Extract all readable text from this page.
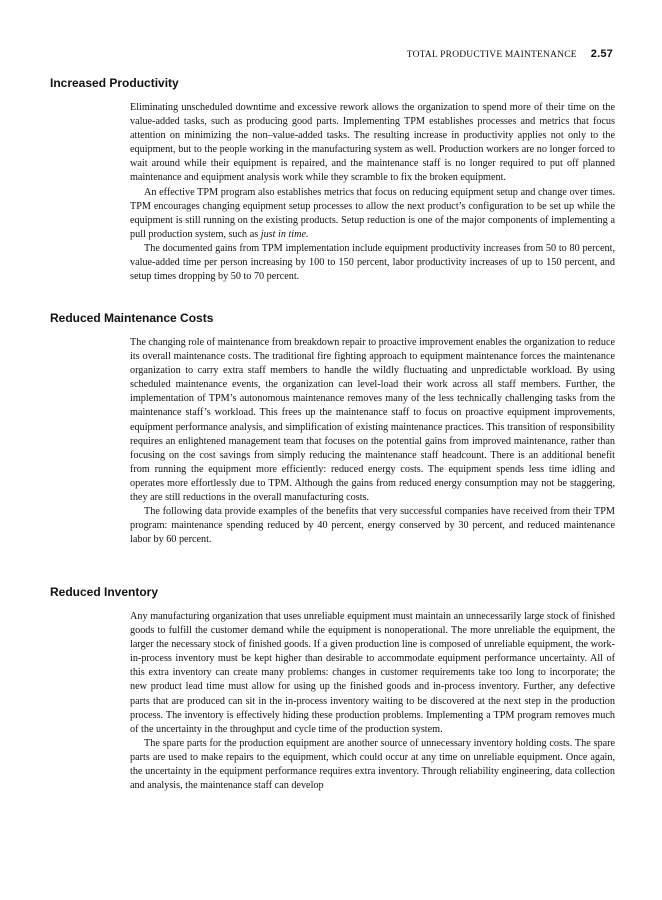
TOTAL PRODUCTIVE MAINTENANCE 2.57
Increased Productivity

Eliminating unscheduled downtime and excessive rework allows the organization to spend more of their time on the value-added tasks, such as producing good parts. Implementing TPM establishes processes and metrics that focus attention on minimizing the non–value-added tasks. The resulting increase in productivity applies not only to the equipment, but to the people working in the manufacturing system as well. Production workers are no longer forced to wait around while their equipment is repaired, and the maintenance staff is no longer required to put off planned maintenance and equipment analysis work while they scramble to fix the broken equipment.

An effective TPM program also establishes metrics that focus on reducing equipment setup and change over times. TPM encourages changing equipment setup processes to allow the next product’s configuration to be set up while the equipment is still running on the existing products. Setup reduction is one of the major components of implementing a pull production system, such as just in time.

The documented gains from TPM implementation include equipment productivity increases from 50 to 80 percent, value-added time per person increasing by 100 to 150 percent, labor productivity increases of up to 150 percent, and setup times dropping by 50 to 70 percent.

Reduced Maintenance Costs

The changing role of maintenance from breakdown repair to proactive improvement enables the organization to reduce its overall maintenance costs. The traditional fire fighting approach to equipment maintenance forces the maintenance organization to carry extra staff members to handle the wildly fluctuating and unpredictable workload. By using scheduled maintenance events, the organization can level-load their work across all staff members. Further, the implementation of TPM’s autonomous maintenance removes many of the less technically challenging tasks from the maintenance staff’s workload. This frees up the maintenance staff to focus on proactive equipment improvements, equipment performance analysis, and simplification of existing maintenance practices. This transition of responsibility requires an enlightened management team that focuses on the potential gains from improved maintenance, rather than focusing on the cost savings from simply reducing the maintenance staff headcount. There is an additional benefit from running the equipment more efficiently: reduced energy costs. The equipment spends less time idling and operates more effortlessly due to TPM. Although the gains from reduced energy consumption may not be staggering, they are still reductions in the overall manufacturing costs.

The following data provide examples of the benefits that very successful companies have received from their TPM program: maintenance spending reduced by 40 percent, energy conserved by 30 percent, and reduced maintenance labor by 60 percent.

Reduced Inventory

Any manufacturing organization that uses unreliable equipment must maintain an unnecessarily large stock of finished goods to fulfill the customer demand while the equipment is nonoperational. The more unreliable the equipment, the larger the necessary stock of finished goods. If a given production line is composed of unreliable equipment, the work-in-process inventory must be kept higher than desirable to accommodate equipment performance uncertainty. All of this extra inventory can create many problems: changes in customer requirements take too long to incorporate; the new product lead time must allow for using up the finished goods and in-process inventory. Further, any defective parts that are produced can sit in the in-process inventory waiting to be discovered at the next step in the production process. The inventory is effectively hiding these production problems. Implementing a TPM program removes much of the uncertainty in the throughput and cycle time of the production system.

The spare parts for the production equipment are another source of unnecessary inventory holding costs. The spare parts are used to make repairs to the equipment, which could occur at any time on unreliable equipment. Once again, the uncertainty in the equipment performance requires extra inventory. Through reliability engineering, data collection and analysis, the maintenance staff can develop
